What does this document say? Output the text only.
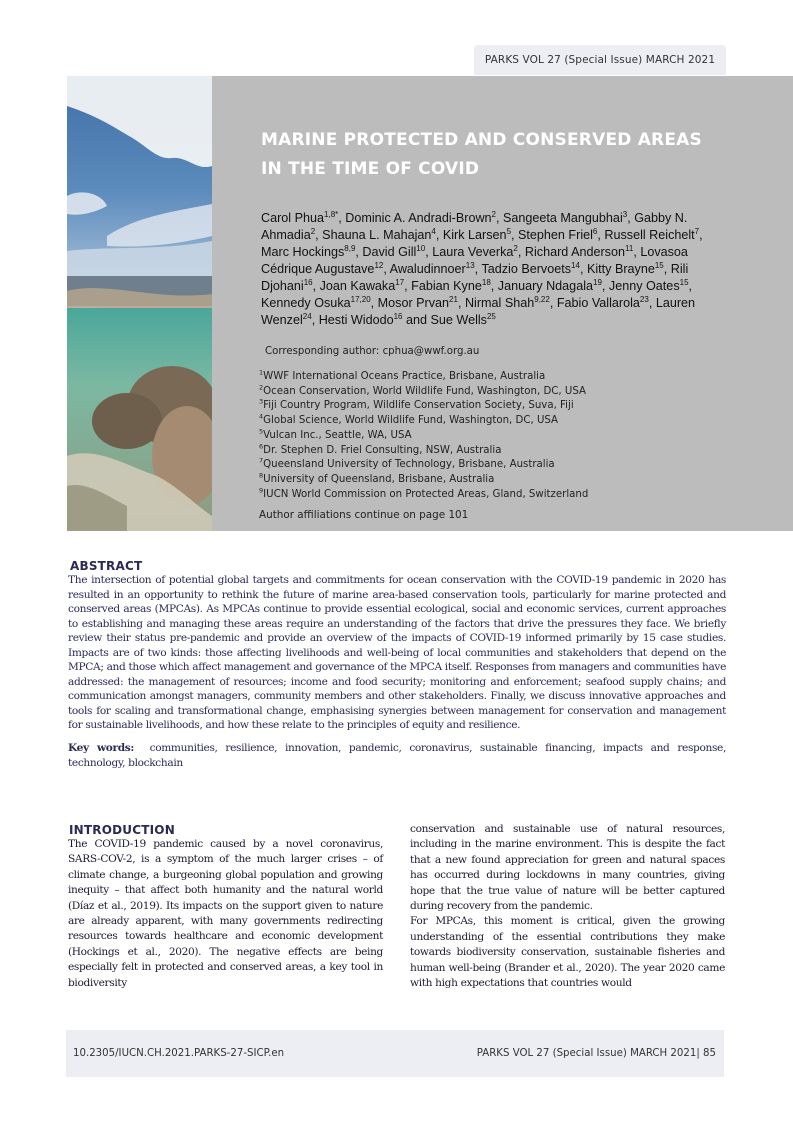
PARKS VOL 27 (Special Issue) MARCH 2021
MARINE PROTECTED AND CONSERVED AREAS
IN THE TIME OF COVID
Carol Phua$^{1,8*}$, Dominic A. Andradi-Brown$^2$, Sangeeta Mangubhai$^3$, Gabby N. Ahmadia$^2$, Shauna L. Mahajan$^4$, Kirk Larsen$^5$, Stephen Friel$^6$, Russell Reichelt$^7$, Marc Hockings$^{8,9}$, David Gill$^{10}$, Laura Veverka$^2$, Richard Anderson$^{11}$, Lovasoa Cédrique Augustave$^{12}$, Awaludinnoer$^{13}$, Tadzio Bervoets$^{14}$, Kitty Brayne$^{15}$, Rili Djohani$^{16}$, Joan Kawaka$^{17}$, Fabian Kyne$^{18}$, January Ndagala$^{19}$, Jenny Oates$^{15}$, Kennedy Osuka$^{17,20}$, Mosor Prvan$^{21}$, Nirmal Shah$^{9,22}$, Fabio Vallarola$^{23}$, Lauren Wenzel$^{24}$, Hesti Widodo$^{16}$ and Sue Wells$^{25}$
Corresponding author: cphua@wwf.org.au
$^1$WWF International Oceans Practice, Brisbane, Australia
$^2$Ocean Conservation, World Wildlife Fund, Washington, DC, USA
$^3$Fiji Country Program, Wildlife Conservation Society, Suva, Fiji
$^4$Global Science, World Wildlife Fund, Washington, DC, USA
$^5$Vulcan Inc., Seattle, WA, USA
$^6$Dr. Stephen D. Friel Consulting, NSW, Australia
$^7$Queensland University of Technology, Brisbane, Australia
$^8$University of Queensland, Brisbane, Australia
$^9$IUCN World Commission on Protected Areas, Gland, Switzerland
Author affiliations continue on page 101
ABSTRACT
The intersection of potential global targets and commitments for ocean conservation with the COVID-19 pandemic in 2020 has resulted in an opportunity to rethink the future of marine area-based conservation tools, particularly for marine protected and conserved areas (MPCAs). As MPCAs continue to provide essential ecological, social and economic services, current approaches to establishing and managing these areas require an understanding of the factors that drive the pressures they face. We briefly review their status pre-pandemic and provide an overview of the impacts of COVID-19 informed primarily by 15 case studies. Impacts are of two kinds: those affecting livelihoods and well-being of local communities and stakeholders that depend on the MPCA; and those which affect management and governance of the MPCA itself. Responses from managers and communities have addressed: the management of resources; income and food security; monitoring and enforcement; seafood supply chains; and communication amongst managers, community members and other stakeholders. Finally, we discuss innovative approaches and tools for scaling and transformational change, emphasising synergies between management for conservation and management for sustainable livelihoods, and how these relate to the principles of equity and resilience.
Key words: communities, resilience, innovation, pandemic, coronavirus, sustainable financing, impacts and response, technology, blockchain
INTRODUCTION

The COVID-19 pandemic caused by a novel coronavirus, SARS-COV-2, is a symptom of the much larger crises – of climate change, a burgeoning global population and growing inequity – that affect both humanity and the natural world (Díaz et al., 2019). Its impacts on the support given to nature are already apparent, with many governments redirecting resources towards healthcare and economic development (Hockings et al., 2020). The negative effects are being especially felt in protected and conserved areas, a key tool in biodiversity

conservation and sustainable use of natural resources, including in the marine environment. This is despite the fact that a new found appreciation for green and natural spaces has occurred during lockdowns in many countries, giving hope that the true value of nature will be better captured during recovery from the pandemic.

For MPCAs, this moment is critical, given the growing understanding of the essential contributions they make towards biodiversity conservation, sustainable fisheries and human well-being (Brander et al., 2020). The year 2020 came with high expectations that countries would

10.2305/IUCN.CH.2021.PARKS-27-SICP.en	PARKS VOL 27 (Special Issue) MARCH 2021| 85
